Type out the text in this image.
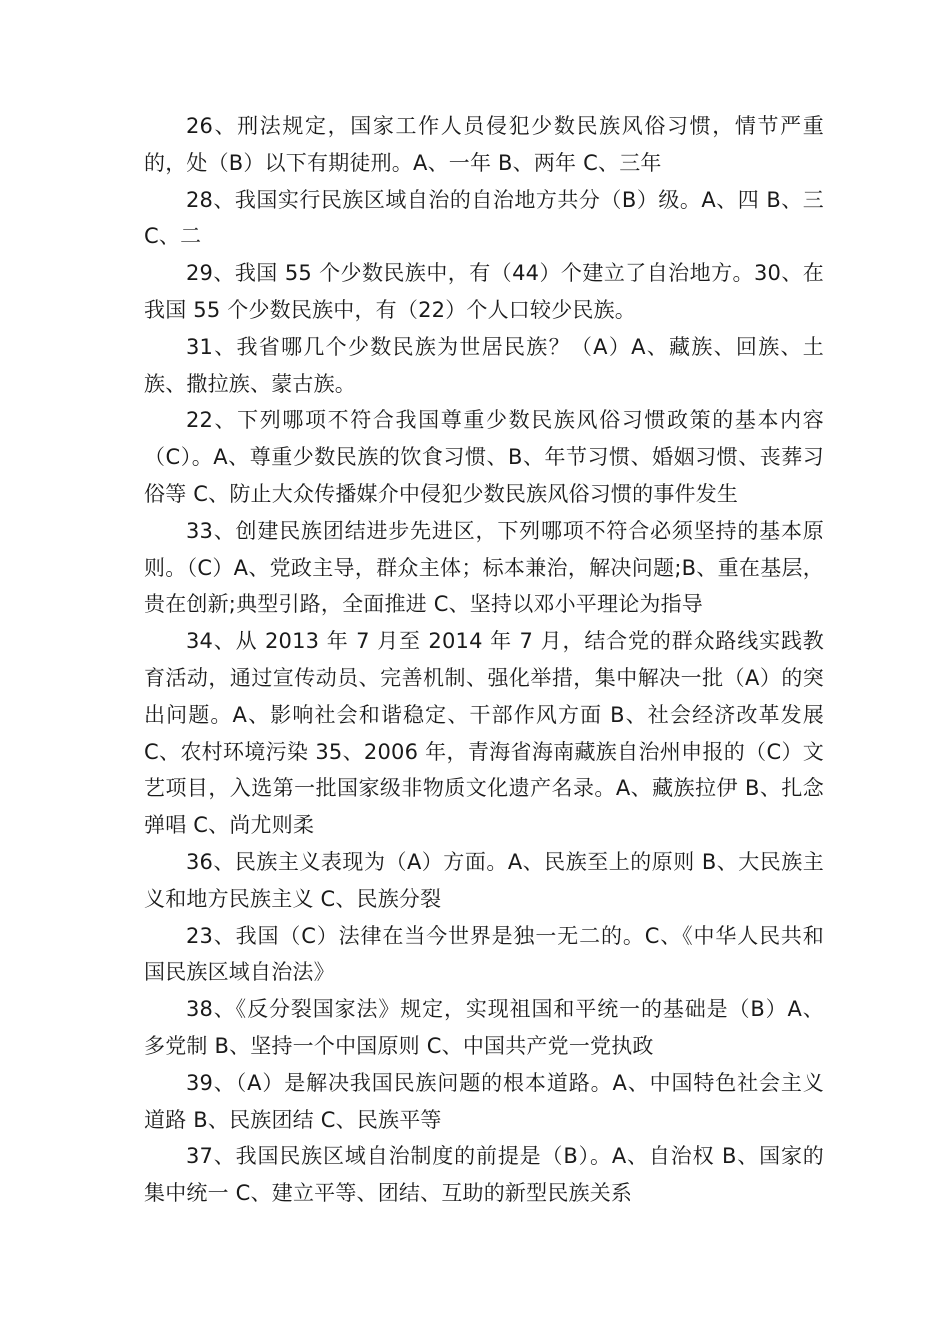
26、刑法规定，国家工作人员侵犯少数民族风俗习惯，情节严重的，处（B）以下有期徒刑。A、一年 B、两年 C、三年

28、我国实行民族区域自治的自治地方共分（B）级。A、四 B、三 C、二

29、我国 55 个少数民族中，有（44）个建立了自治地方。30、在我国 55 个少数民族中，有（22）个人口较少民族。

31、我省哪几个少数民族为世居民族？（A）A、藏族、回族、土族、撒拉族、蒙古族。

22、下列哪项不符合我国尊重少数民族风俗习惯政策的基本内容（C）。A、尊重少数民族的饮食习惯、B、年节习惯、婚姻习惯、丧葬习俗等 C、防止大众传播媒介中侵犯少数民族风俗习惯的事件发生

33、创建民族团结进步先进区，下列哪项不符合必须坚持的基本原则。（C）A、党政主导，群众主体；标本兼治，解决问题;B、重在基层，贵在创新;典型引路，全面推进 C、坚持以邓小平理论为指导

34、从 2013 年 7 月至 2014 年 7 月，结合党的群众路线实践教育活动，通过宣传动员、完善机制、强化举措，集中解决一批（A）的突出问题。A、影响社会和谐稳定、干部作风方面 B、社会经济改革发展 C、农村环境污染 35、2006 年，青海省海南藏族自治州申报的（C）文艺项目，入选第一批国家级非物质文化遗产名录。A、藏族拉伊 B、扎念弹唱 C、尚尤则柔

36、民族主义表现为（A）方面。A、民族至上的原则 B、大民族主义和地方民族主义 C、民族分裂

23、我国（C）法律在当今世界是独一无二的。C、《中华人民共和国民族区域自治法》

38、《反分裂国家法》规定，实现祖国和平统一的基础是（B）A、多党制 B、坚持一个中国原则 C、中国共产党一党执政

39、（A）是解决我国民族问题的根本道路。A、中国特色社会主义道路 B、民族团结 C、民族平等

37、我国民族区域自治制度的前提是（B）。A、自治权 B、国家的集中统一 C、建立平等、团结、互助的新型民族关系
